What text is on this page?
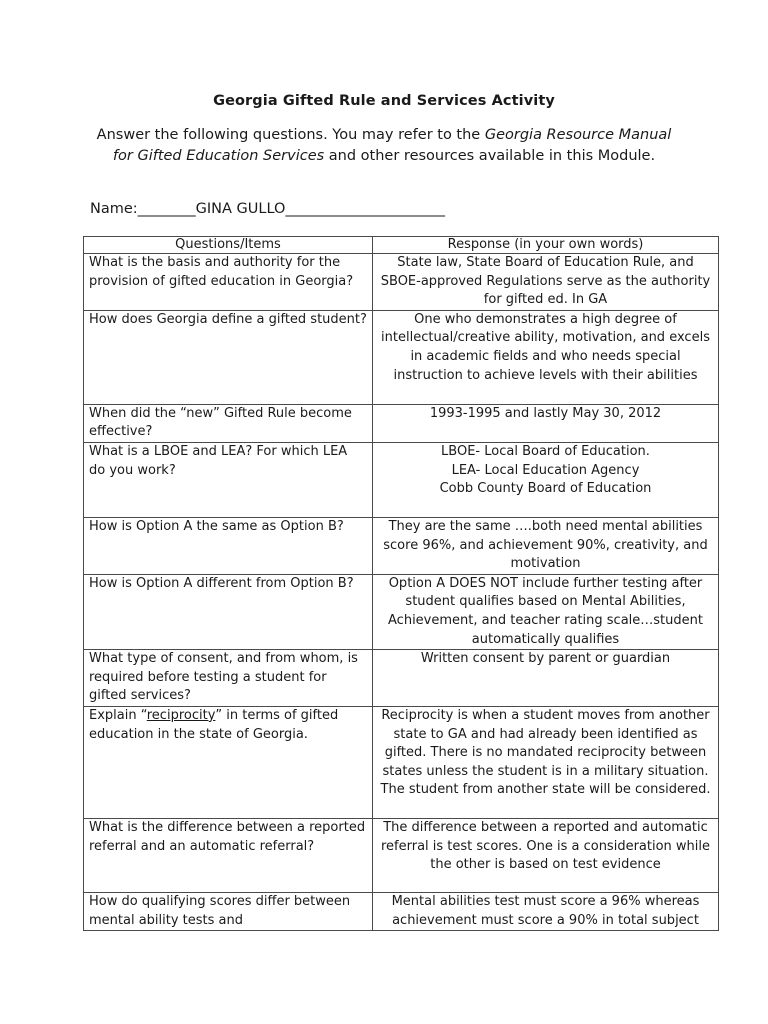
Georgia Gifted Rule and Services Activity
Answer the following questions. You may refer to the Georgia Resource Manual for Gifted Education Services and other resources available in this Module.
Name:________GINA GULLO______________________
Questions/Items	Response (in your own words)
What is the basis and authority for the provision of gifted education in Georgia?	State law, State Board of Education Rule, and SBOE-approved Regulations serve as the authority for gifted ed. In GA
How does Georgia define a gifted student?	One who demonstrates a high degree of intellectual/creative ability, motivation, and excels in academic fields and who needs special instruction to achieve levels with their abilities
When did the “new” Gifted Rule become effective?	1993-1995 and lastly May 30, 2012
What is a LBOE and LEA? For which LEA do you work?	LBOE- Local Board of Education.
LEA- Local Education Agency
Cobb County Board of Education

How is Option A the same as Option B?	They are the same ….both need mental abilities score 96%, and achievement 90%, creativity, and motivation
How is Option A different from Option B?	Option A DOES NOT include further testing after student qualifies based on Mental Abilities, Achievement, and teacher rating scale…student automatically qualifies
What type of consent, and from whom, is required before testing a student for gifted services?	Written consent by parent or guardian
Explain “reciprocity” in terms of gifted education in the state of Georgia.	Reciprocity is when a student moves from another state to GA and had already been identified as gifted. There is no mandated reciprocity between states unless the student is in a military situation. The student from another state will be considered.
What is the difference between a reported referral and an automatic referral?	The difference between a reported and automatic referral is test scores. One is a consideration while the other is based on test evidence
How do qualifying scores differ between mental ability tests and	Mental abilities test must score a 96% whereas achievement must score a 90% in total subject
